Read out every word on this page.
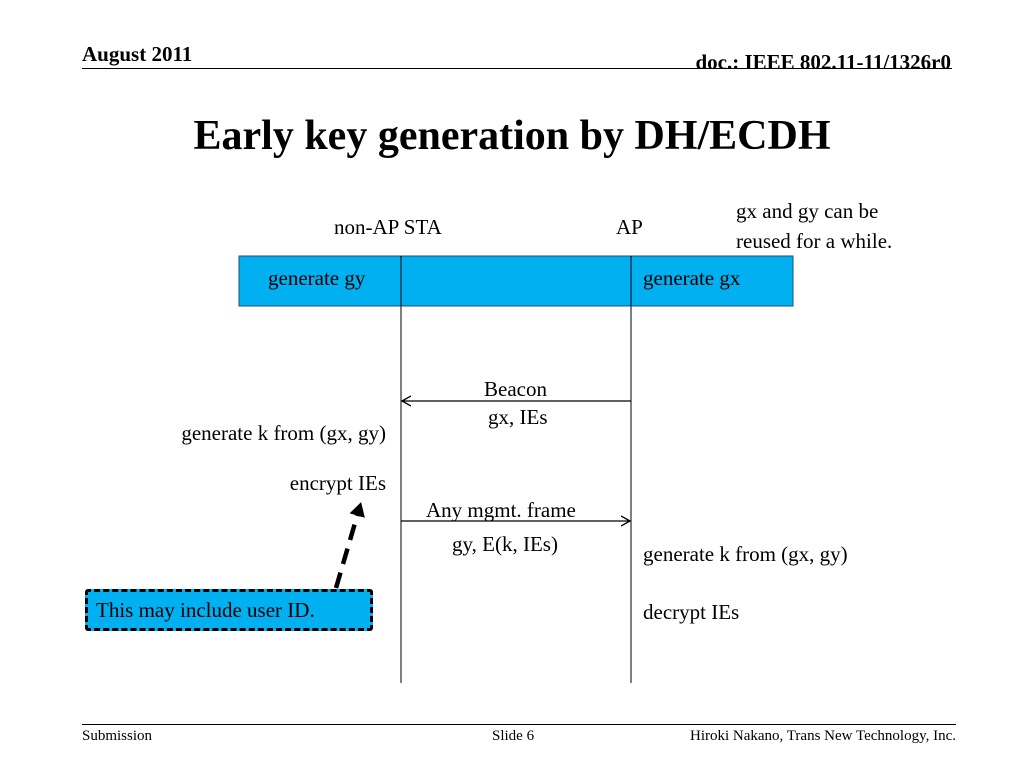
August 2011	doc.: IEEE 802.11-11/1326r0
Early key generation by DH/ECDH
non-AP STA	AP
gx and gy can be
reused for a while.
generate gy	generate gx
Beacon
gx, IEs
generate k from (gx, gy)
encrypt IEs
Any mgmt. frame
gy, E(k, IEs)	generate k from (gx, gy)
decrypt IEs
This may include user ID.
Submission	Slide 6	Hiroki Nakano, Trans New Technology, Inc.
